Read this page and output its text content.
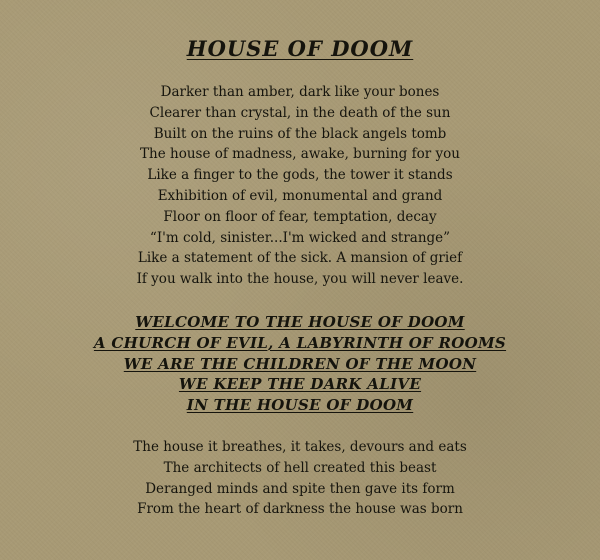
HOUSE OF DOOM
Darker than amber, dark like your bones
Clearer than crystal, in the death of the sun
Built on the ruins of the black angels tomb
The house of madness, awake, burning for you
Like a finger to the gods, the tower it stands
Exhibition of evil, monumental and grand
Floor on floor of fear, temptation, decay
“I'm cold, sinister...I'm wicked and strange”
Like a statement of the sick. A mansion of grief
If you walk into the house, you will never leave.
WELCOME TO THE HOUSE OF DOOM
A CHURCH OF EVIL, A LABYRINTH OF ROOMS
WE ARE THE CHILDREN OF THE MOON
WE KEEP THE DARK ALIVE
IN THE HOUSE OF DOOM
The house it breathes, it takes, devours and eats
The architects of hell created this beast
Deranged minds and spite then gave its form
From the heart of darkness the house was born
